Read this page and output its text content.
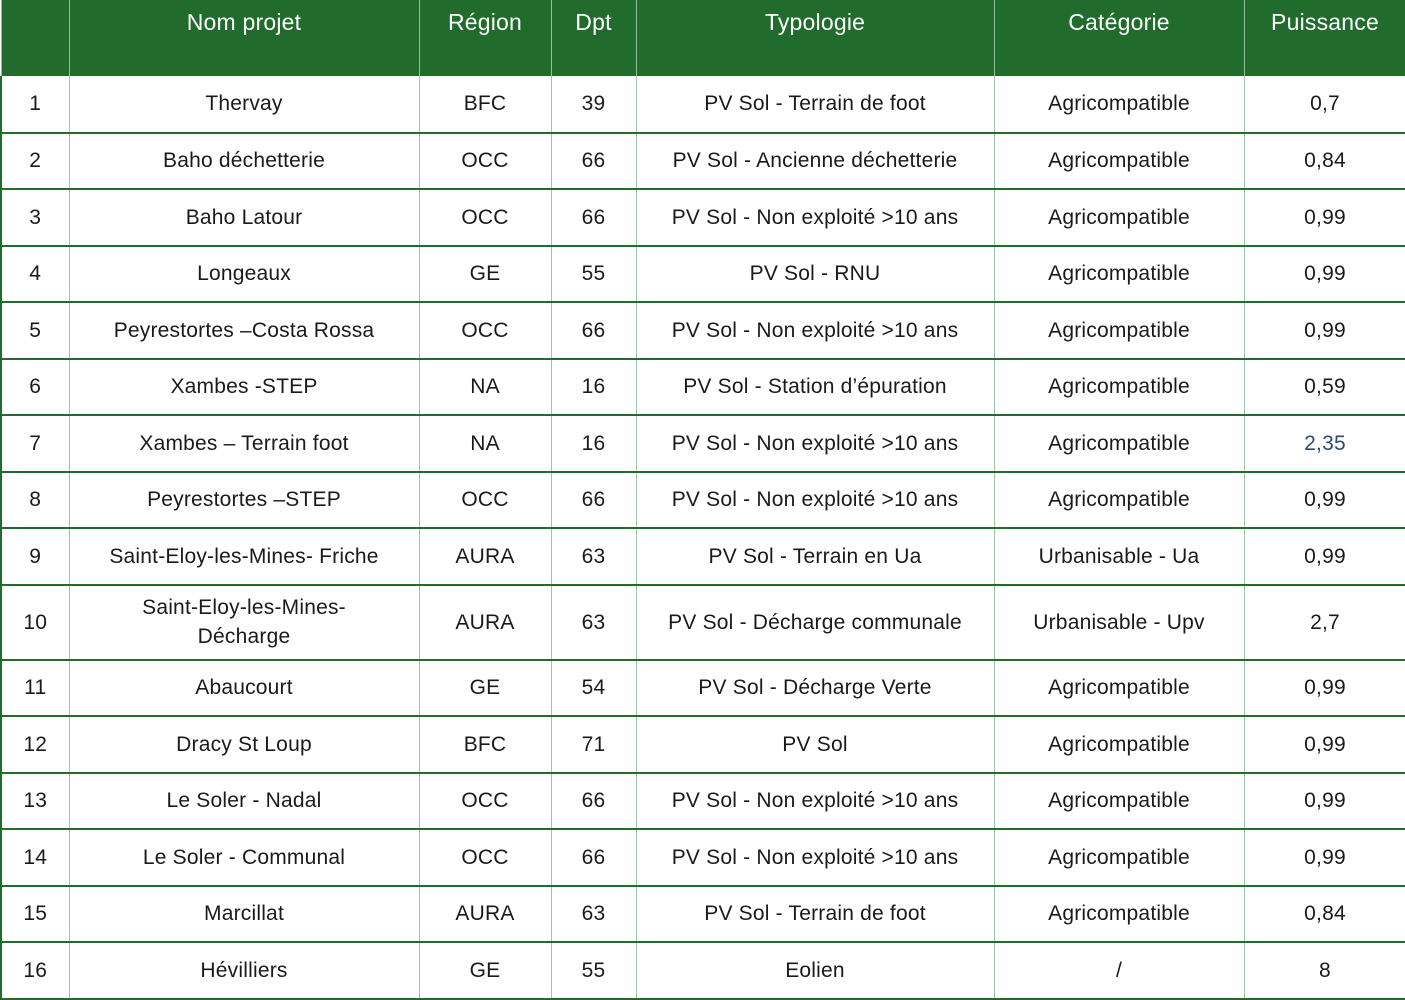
	Nom projet	Région	Dpt	Typologie	Catégorie	Puissance
1	Thervay	BFC	39	PV Sol - Terrain de foot	Agricompatible	0,7
2	Baho déchetterie	OCC	66	PV Sol - Ancienne déchetterie	Agricompatible	0,84
3	Baho Latour	OCC	66	PV Sol - Non exploité >10 ans	Agricompatible	0,99
4	Longeaux	GE	55	PV Sol - RNU	Agricompatible	0,99
5	Peyrestortes –Costa Rossa	OCC	66	PV Sol - Non exploité >10 ans	Agricompatible	0,99
6	Xambes -STEP	NA	16	PV Sol - Station d’épuration	Agricompatible	0,59
7	Xambes – Terrain foot	NA	16	PV Sol - Non exploité >10 ans	Agricompatible	2,35
8	Peyrestortes –STEP	OCC	66	PV Sol - Non exploité >10 ans	Agricompatible	0,99
9	Saint-Eloy-les-Mines- Friche	AURA	63	PV Sol - Terrain en Ua	Urbanisable - Ua	0,99
10	Saint-Eloy-les-Mines- Décharge	AURA	63	PV Sol - Décharge communale	Urbanisable - Upv	2,7
11	Abaucourt	GE	54	PV Sol - Décharge Verte	Agricompatible	0,99
12	Dracy St Loup	BFC	71	PV Sol	Agricompatible	0,99
13	Le Soler - Nadal	OCC	66	PV Sol - Non exploité >10 ans	Agricompatible	0,99
14	Le Soler - Communal	OCC	66	PV Sol - Non exploité >10 ans	Agricompatible	0,99
15	Marcillat	AURA	63	PV Sol - Terrain de foot	Agricompatible	0,84
16	Hévilliers	GE	55	Eolien	/	8
